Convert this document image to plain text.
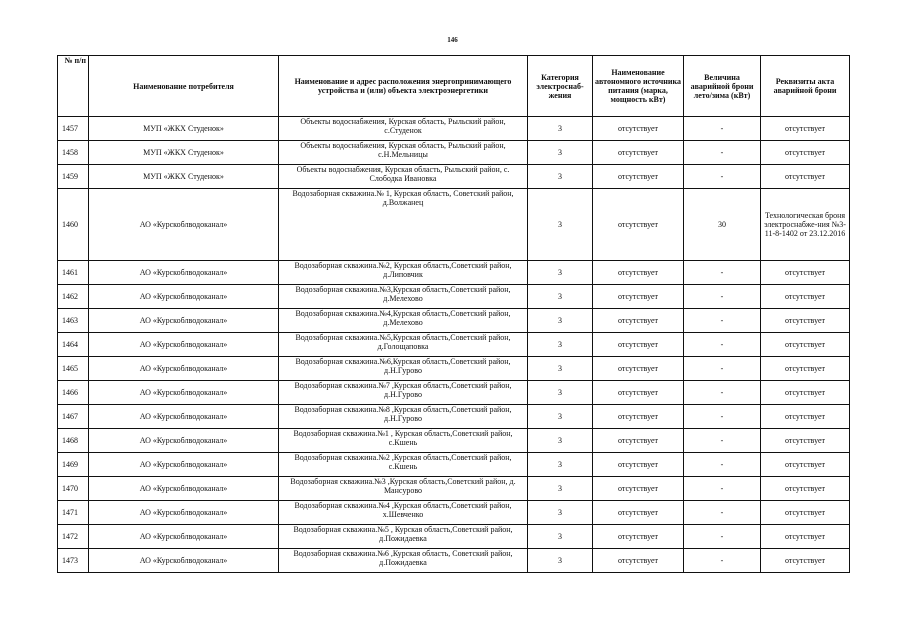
146
№ п/п	Наименование потребителя	Наименование и адрес расположения энергопринимающего устройства и (или) объекта электроэнергетики	Категория электроснаб-жения	Наименование автономного источника питания (марка, мощность кВт)	Величина аварийной брони лето/зима (кВт)	Реквизиты акта аварийной брони
1457	МУП «ЖКХ Студенок»	Объекты водоснабжения, Курская область, Рыльский район, с.Студенок	3	отсутствует	-	отсутствует
1458	МУП «ЖКХ Студенок»	Объекты водоснабжения, Курская область, Рыльский район, с.Н.Мельницы	3	отсутствует	-	отсутствует
1459	МУП «ЖКХ Студенок»	Объекты водоснабжения, Курская область, Рыльский район, с. Слободка Ивановка	3	отсутствует	-	отсутствует
1460	АО «Курскоблводоканал»	Водозаборная скважина.№ 1, Курская область, Советский район, д.Волжанец	3	отсутствует	30	Технологическая броня электроснабже-ния №3-11-8-1402 от 23.12.2016
1461	АО «Курскоблводоканал»	Водозаборная скважина.№2, Курская область,Советский район, д.Липовчик	3	отсутствует	-	отсутствует
1462	АО «Курскоблводоканал»	Водозаборная скважина.№3,Курская область,Советский район, д.Мелехово	3	отсутствует	-	отсутствует
1463	АО «Курскоблводоканал»	Водозаборная скважина.№4,Курская область,Советский район, д.Мелехово	3	отсутствует	-	отсутствует
1464	АО «Курскоблводоканал»	Водозаборная скважина.№5,Курская область,Советский район, д.Голощаповка	3	отсутствует	-	отсутствует
1465	АО «Курскоблводоканал»	Водозаборная скважина.№6,Курская область,Советский район, д.Н.Гурово	3	отсутствует	-	отсутствует
1466	АО «Курскоблводоканал»	Водозаборная скважина.№7 ,Курская область,Советский район, д.Н.Гурово	3	отсутствует	-	отсутствует
1467	АО «Курскоблводоканал»	Водозаборная скважина.№8 ,Курская область,Советский район, д.Н.Гурово	3	отсутствует	-	отсутствует
1468	АО «Курскоблводоканал»	Водозаборная скважина.№1 , Курская область,Советский район, с.Кшень	3	отсутствует	-	отсутствует
1469	АО «Курскоблводоканал»	Водозаборная скважина.№2 ,Курская область,Советский район, с.Кшень	3	отсутствует	-	отсутствует
1470	АО «Курскоблводоканал»	Водозаборная скважина.№3 ,Курская область,Советский район, д. Мансурово	3	отсутствует	-	отсутствует
1471	АО «Курскоблводоканал»	Водозаборная скважина.№4 ,Курская область,Советский район, х.Шевченко	3	отсутствует	-	отсутствует
1472	АО «Курскоблводоканал»	Водозаборная скважина.№5 , Курская область,Советский район, д.Пожидаевка	3	отсутствует	-	отсутствует
1473	АО «Курскоблводоканал»	Водозаборная скважина.№6 ,Курская область, Советский район, д.Пожидаевка	3	отсутствует	-	отсутствует
